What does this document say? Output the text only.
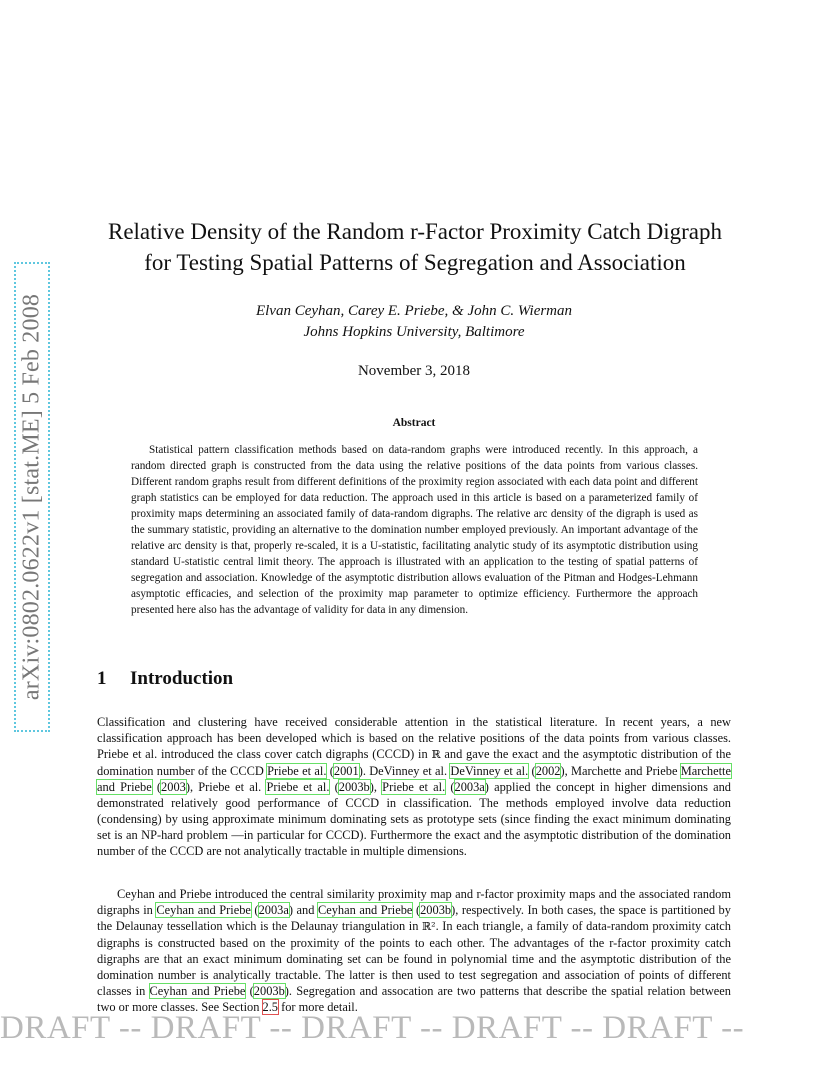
arXiv:0802.0622v1 [stat.ME] 5 Feb 2008
Relative Density of the Random r-Factor Proximity Catch Digraph
for Testing Spatial Patterns of Segregation and Association
Elvan Ceyhan, Carey E. Priebe, & John C. Wierman
Johns Hopkins University, Baltimore
November 3, 2018
Abstract

Statistical pattern classification methods based on data-random graphs were introduced recently. In this approach, a random directed graph is constructed from the data using the relative positions of the data points from various classes. Different random graphs result from different definitions of the proximity region associated with each data point and different graph statistics can be employed for data reduction. The approach used in this article is based on a parameterized family of proximity maps determining an associated family of data-random digraphs. The relative arc density of the digraph is used as the summary statistic, providing an alternative to the domination number employed previously. An important advantage of the relative arc density is that, properly re-scaled, it is a U-statistic, facilitating analytic study of its asymptotic distribution using standard U-statistic central limit theory. The approach is illustrated with an application to the testing of spatial patterns of segregation and association. Knowledge of the asymptotic distribution allows evaluation of the Pitman and Hodges-Lehmann asymptotic efficacies, and selection of the proximity map parameter to optimize efficiency. Furthermore the approach presented here also has the advantage of validity for data in any dimension.

1 Introduction

Classification and clustering have received considerable attention in the statistical literature. In recent years, a new classification approach has been developed which is based on the relative positions of the data points from various classes. Priebe et al. introduced the class cover catch digraphs (CCCD) in ℝ and gave the exact and the asymptotic distribution of the domination number of the CCCD Priebe et al. (2001). DeVinney et al. DeVinney et al. (2002), Marchette and Priebe Marchette and Priebe (2003), Priebe et al. Priebe et al. (2003b), Priebe et al. (2003a) applied the concept in higher dimensions and demonstrated relatively good performance of CCCD in classification. The methods employed involve data reduction (condensing) by using approximate minimum dominating sets as prototype sets (since finding the exact minimum dominating set is an NP-hard problem —in particular for CCCD). Furthermore the exact and the asymptotic distribution of the domination number of the CCCD are not analytically tractable in multiple dimensions.

Ceyhan and Priebe introduced the central similarity proximity map and r-factor proximity maps and the associated random digraphs in Ceyhan and Priebe (2003a) and Ceyhan and Priebe (2003b), respectively. In both cases, the space is partitioned by the Delaunay tessellation which is the Delaunay triangulation in ℝ². In each triangle, a family of data-random proximity catch digraphs is constructed based on the proximity of the points to each other. The advantages of the r-factor proximity catch digraphs are that an exact minimum dominating set can be found in polynomial time and the asymptotic distribution of the domination number is analytically tractable. The latter is then used to test segregation and association of points of different classes in Ceyhan and Priebe (2003b). Segregation and assocation are two patterns that describe the spatial relation between two or more classes. See Section 2.5 for more detail.

DRAFT -- DRAFT -- DRAFT -- DRAFT -- DRAFT --
